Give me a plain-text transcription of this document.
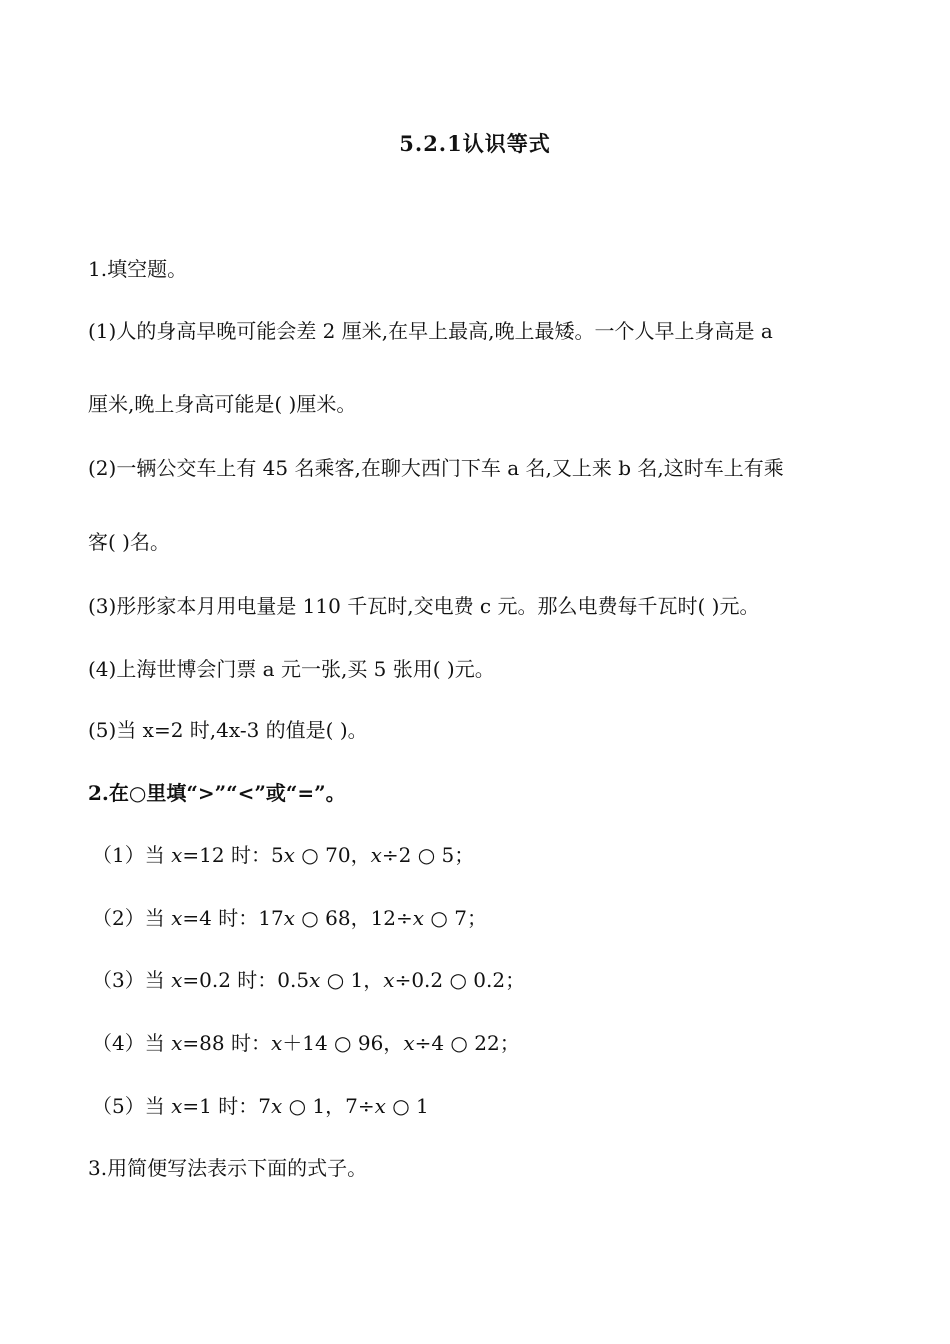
5.2.1认识等式
1.填空题。
(1)人的身高早晚可能会差 2 厘米,在早上最高,晚上最矮。一个人早上身高是 a
厘米,晚上身高可能是( )厘米。
(2)一辆公交车上有 45 名乘客,在聊大西门下车 a 名,又上来 b 名,这时车上有乘
客( )名。
(3)彤彤家本月用电量是 110 千瓦时,交电费 c 元。那么电费每千瓦时( )元。
(4)上海世博会门票 a 元一张,买 5 张用( )元。
(5)当 x=2 时,4x-3 的值是( )。
2.在○里填“>”“<”或“=”。
（1）当 x=12 时：5x ○ 70，x÷2 ○ 5；
（2）当 x=4 时：17x ○ 68，12÷x ○ 7；
（3）当 x=0.2 时：0.5x ○ 1，x÷0.2 ○ 0.2；
（4）当 x=88 时：x＋14 ○ 96，x÷4 ○ 22；
（5）当 x=1 时：7x ○ 1，7÷x ○ 1
3.用简便写法表示下面的式子。
